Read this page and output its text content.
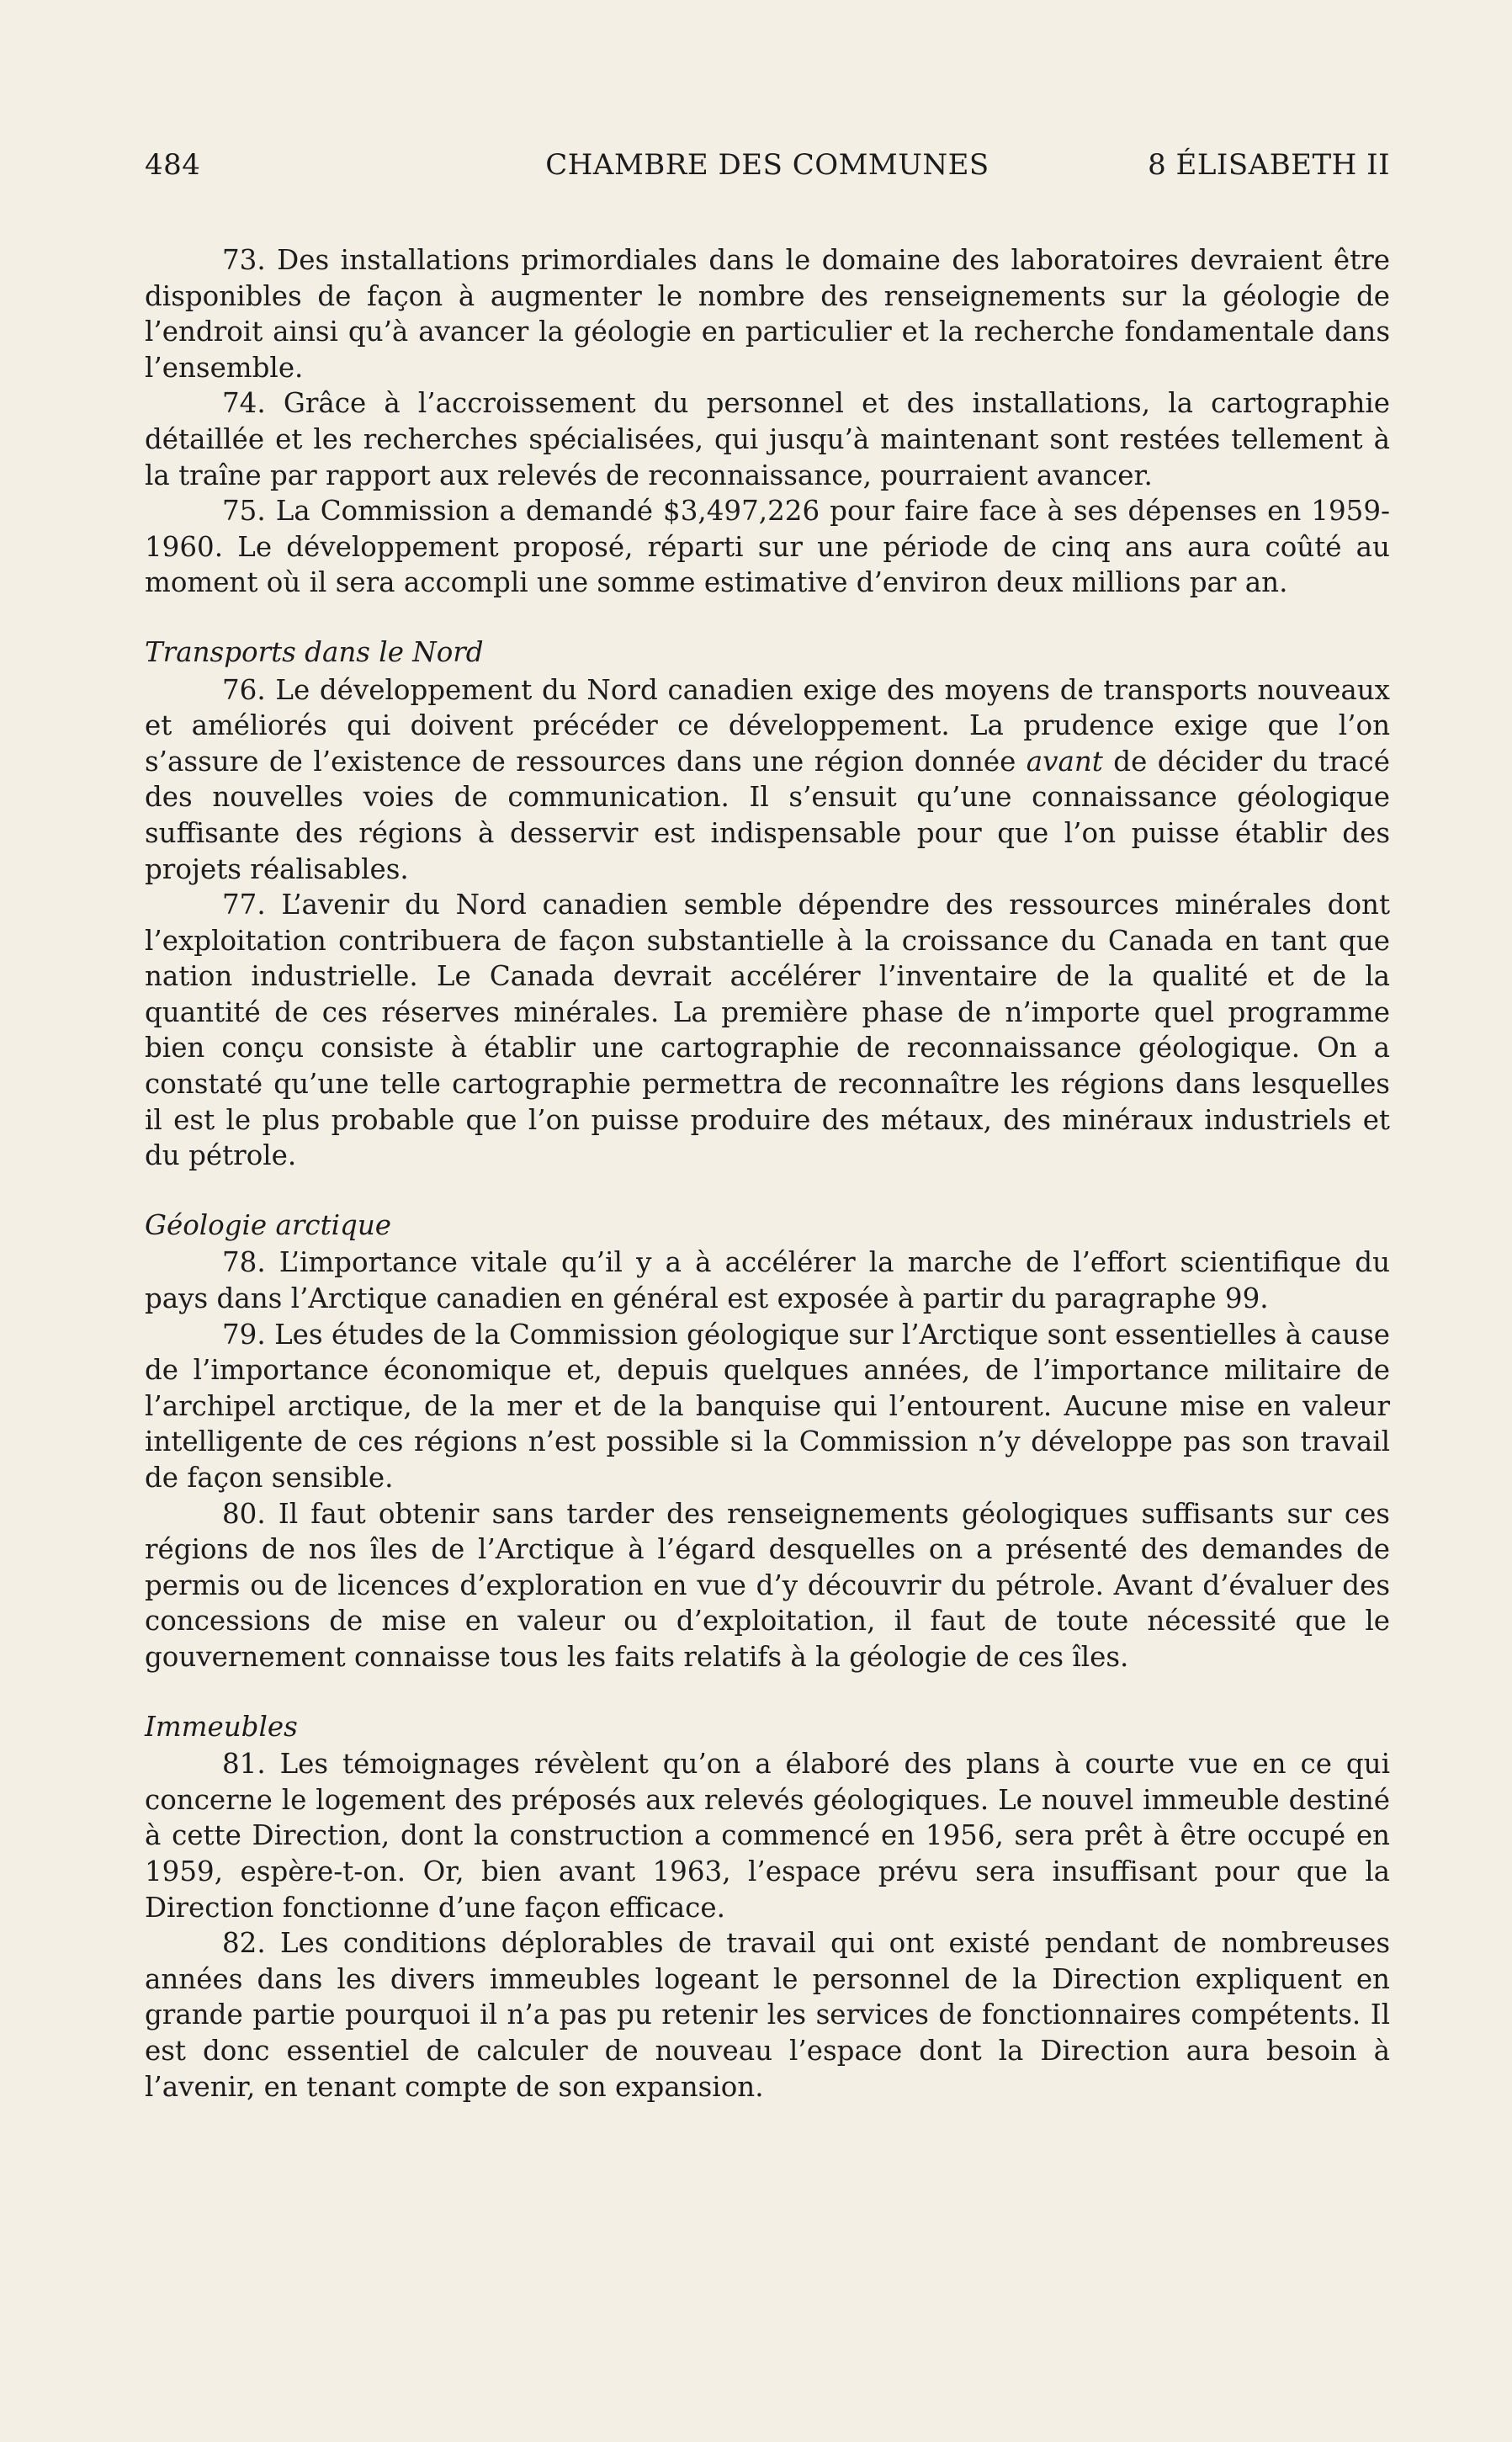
484	CHAMBRE DES COMMUNES	8 ÉLISABETH II

73. Des installations primordiales dans le domaine des laboratoires devraient être disponibles de façon à augmenter le nombre des renseignements sur la géologie de l’endroit ainsi qu’à avancer la géologie en particulier et la recherche fondamentale dans l’ensemble.

74. Grâce à l’accroissement du personnel et des installations, la cartographie détaillée et les recherches spécialisées, qui jusqu’à maintenant sont restées tellement à la traîne par rapport aux relevés de reconnaissance, pourraient avancer.

75. La Commission a demandé $3,497,226 pour faire face à ses dépenses en 1959-1960. Le développement proposé, réparti sur une période de cinq ans aura coûté au moment où il sera accompli une somme estimative d’environ deux millions par an.

Transports dans le Nord

76. Le développement du Nord canadien exige des moyens de transports nouveaux et améliorés qui doivent précéder ce développement. La prudence exige que l’on s’assure de l’existence de ressources dans une région donnée avant de décider du tracé des nouvelles voies de communication. Il s’ensuit qu’une connaissance géologique suffisante des régions à desservir est indispensable pour que l’on puisse établir des projets réalisables.

77. L’avenir du Nord canadien semble dépendre des ressources minérales dont l’exploitation contribuera de façon substantielle à la croissance du Canada en tant que nation industrielle. Le Canada devrait accélérer l’inventaire de la qualité et de la quantité de ces réserves minérales. La première phase de n’importe quel programme bien conçu consiste à établir une cartographie de reconnaissance géologique. On a constaté qu’une telle cartographie permettra de reconnaître les régions dans lesquelles il est le plus probable que l’on puisse produire des métaux, des minéraux industriels et du pétrole.

Géologie arctique

78. L’importance vitale qu’il y a à accélérer la marche de l’effort scientifique du pays dans l’Arctique canadien en général est exposée à partir du paragraphe 99.

79. Les études de la Commission géologique sur l’Arctique sont essentielles à cause de l’importance économique et, depuis quelques années, de l’importance militaire de l’archipel arctique, de la mer et de la banquise qui l’entourent. Aucune mise en valeur intelligente de ces régions n’est possible si la Commission n’y développe pas son travail de façon sensible.

80. Il faut obtenir sans tarder des renseignements géologiques suffisants sur ces régions de nos îles de l’Arctique à l’égard desquelles on a présenté des demandes de permis ou de licences d’exploration en vue d’y découvrir du pétrole. Avant d’évaluer des concessions de mise en valeur ou d’exploitation, il faut de toute nécessité que le gouvernement connaisse tous les faits relatifs à la géologie de ces îles.

Immeubles

81. Les témoignages révèlent qu’on a élaboré des plans à courte vue en ce qui concerne le logement des préposés aux relevés géologiques. Le nouvel immeuble destiné à cette Direction, dont la construction a commencé en 1956, sera prêt à être occupé en 1959, espère-t-on. Or, bien avant 1963, l’espace prévu sera insuffisant pour que la Direction fonctionne d’une façon efficace.

82. Les conditions déplorables de travail qui ont existé pendant de nombreuses années dans les divers immeubles logeant le personnel de la Direction expliquent en grande partie pourquoi il n’a pas pu retenir les services de fonctionnaires compétents. Il est donc essentiel de calculer de nouveau l’espace dont la Direction aura besoin à l’avenir, en tenant compte de son expansion.
